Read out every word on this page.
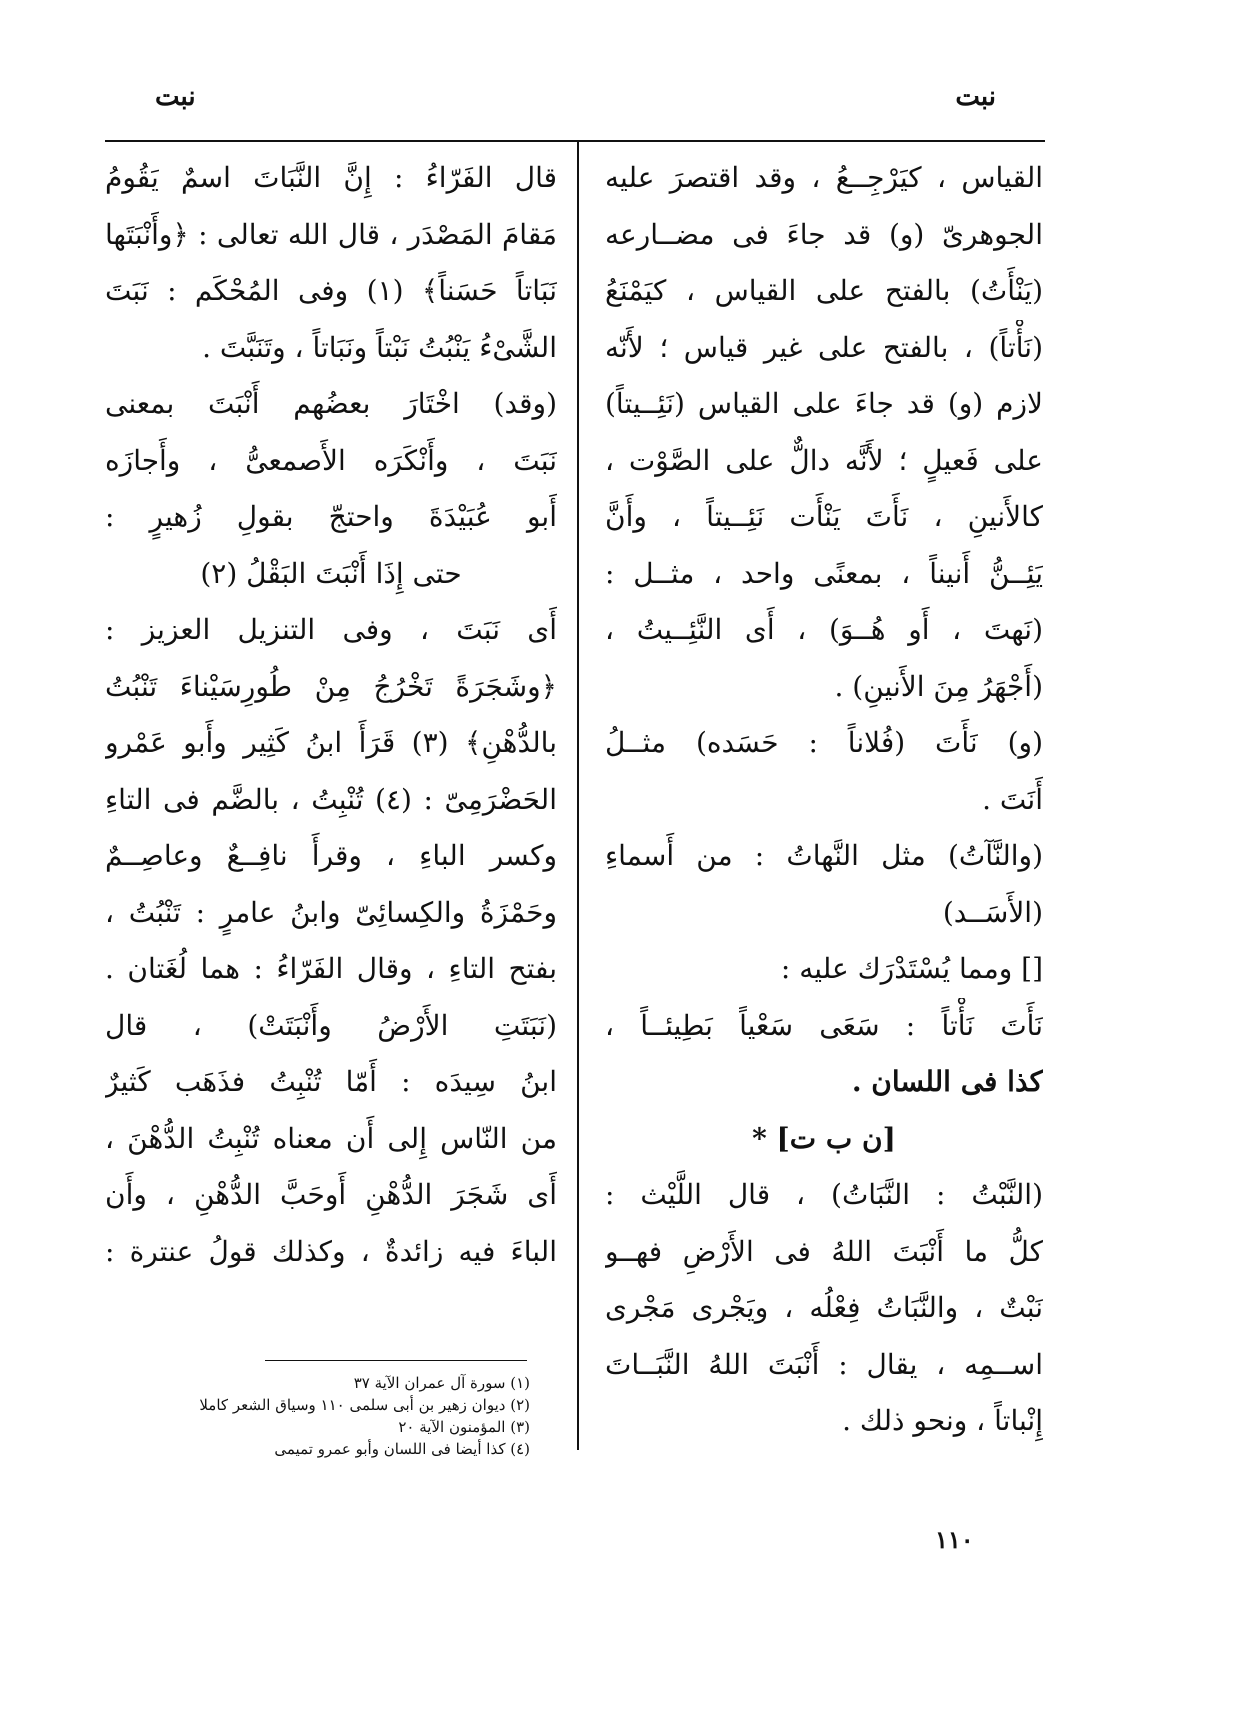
نبت
نبت
القياس ، كيَرْجِــعُ ، وقد اقتصرَ عليه
الجوهرىّ (و) قد جاءَ فى مضــارعه
(يَنْأَتُ) بالفتح على القياس ، كيَمْنَعُ
(نَأْتاً) ، بالفتح على غير قياس ؛ لأَنّه
لازم (و) قد جاءَ على القياس (نَئِــيتاً)
على فَعيلٍ ؛ لأَنَّه دالٌّ على الصَّوْت ،
كالأَنينِ ، نَأَتَ يَنْأَت نَئِــيتاً ، وأَنَّ
يَئِــنُّ أَنيناً ، بمعنًى واحد ، مثــل :
(نَهتَ ، أَو هُــوَ) ، أَى النَّئِــيتُ ،
(أَجْهَرُ مِنَ الأَنينِ) .
(و) نَأَتَ (فُلاناً : حَسَده) مثــلُ
أَنَتَ .
(والنَّآتُ) مثل النَّهاتُ : من أَسماءِ
(الأَسَــد)
[] ومما يُسْتَدْرَك عليه :
نَأَتَ نَأْتاً : سَعَى سَعْياً بَطِيئــاً ،
كذا فى اللسان .
[ن ب ت] *
(النَّبْتُ : النَّبَاتُ) ، قال اللَّيْث :
كلُّ ما أَنْبَتَ اللهُ فى الأَرْضِ فهــو
نَبْتٌ ، والنَّبَاتُ فِعْلُه ، ويَجْرى مَجْرى
اســمِه ، يقال : أَنْبَتَ اللهُ النَّبَــاتَ
إِنْباتاً ، ونحو ذلك .
قال الفَرّاءُ : إِنَّ النَّبَاتَ اسمٌ يَقُومُ
مَقامَ المَصْدَر ، قال الله تعالى : ﴿وأَنْبَتَها
نَبَاتاً حَسَناً﴾ (١) وفى المُحْكَم : نَبَتَ
الشَّىْءُ يَنْبُتُ نَبْتاً ونَبَاتاً ، وتَنَبَّتَ .
(وقد) اخْتَارَ بعضُهم أَنْبَتَ بمعنى
نَبَتَ ، وأَنْكَرَه الأَصمعىُّ ، وأَجازَه
أَبو عُبَيْدَةَ واحتجّ بقولِ زُهيرٍ :
حتى إِذَا أَنْبَتَ البَقْلُ (٢)
أَى نَبَتَ ، وفى التنزيل العزيز :
﴿وشَجَرَةً تَخْرُجُ مِنْ طُورِسَيْناءَ تَنْبُتُ
بالدُّهْنِ﴾ (٣) قَرَأَ ابنُ كَثِير وأَبو عَمْرو
الحَضْرَمِىّ : (٤) تُنْبِتُ ، بالضَّم فى التاءِ
وكسر الباءِ ، وقرأَ نافِــعٌ وعاصِــمٌ
وحَمْزَةُ والكِسائِىّ وابنُ عامرٍ : تَنْبُتُ ،
بفتح التاءِ ، وقال الفَرّاءُ : هما لُغَتان .
(نَبَتَتِ الأَرْضُ وأَنْبَتَتْ) ، قال
ابنُ سِيدَه : أَمّا تُنْبِتُ فذَهَب كَثيرٌ
من النّاس إِلى أَن معناه تُنْبِتُ الدُّهْنَ ،
أَى شَجَرَ الدُّهْنِ أَوحَبَّ الدُّهْنِ ، وأَن
الباءَ فيه زائدةٌ ، وكذلك قولُ عنترة :
(١) سورة آل عمران الآية ٣٧
(٢) ديوان زهير بن أبى سلمى ١١٠ وسياق الشعر كاملا
(٣) المؤمنون الآية ٢٠
(٤) كذا أيضا فى اللسان وأبو عمرو تميمى
١١٠
